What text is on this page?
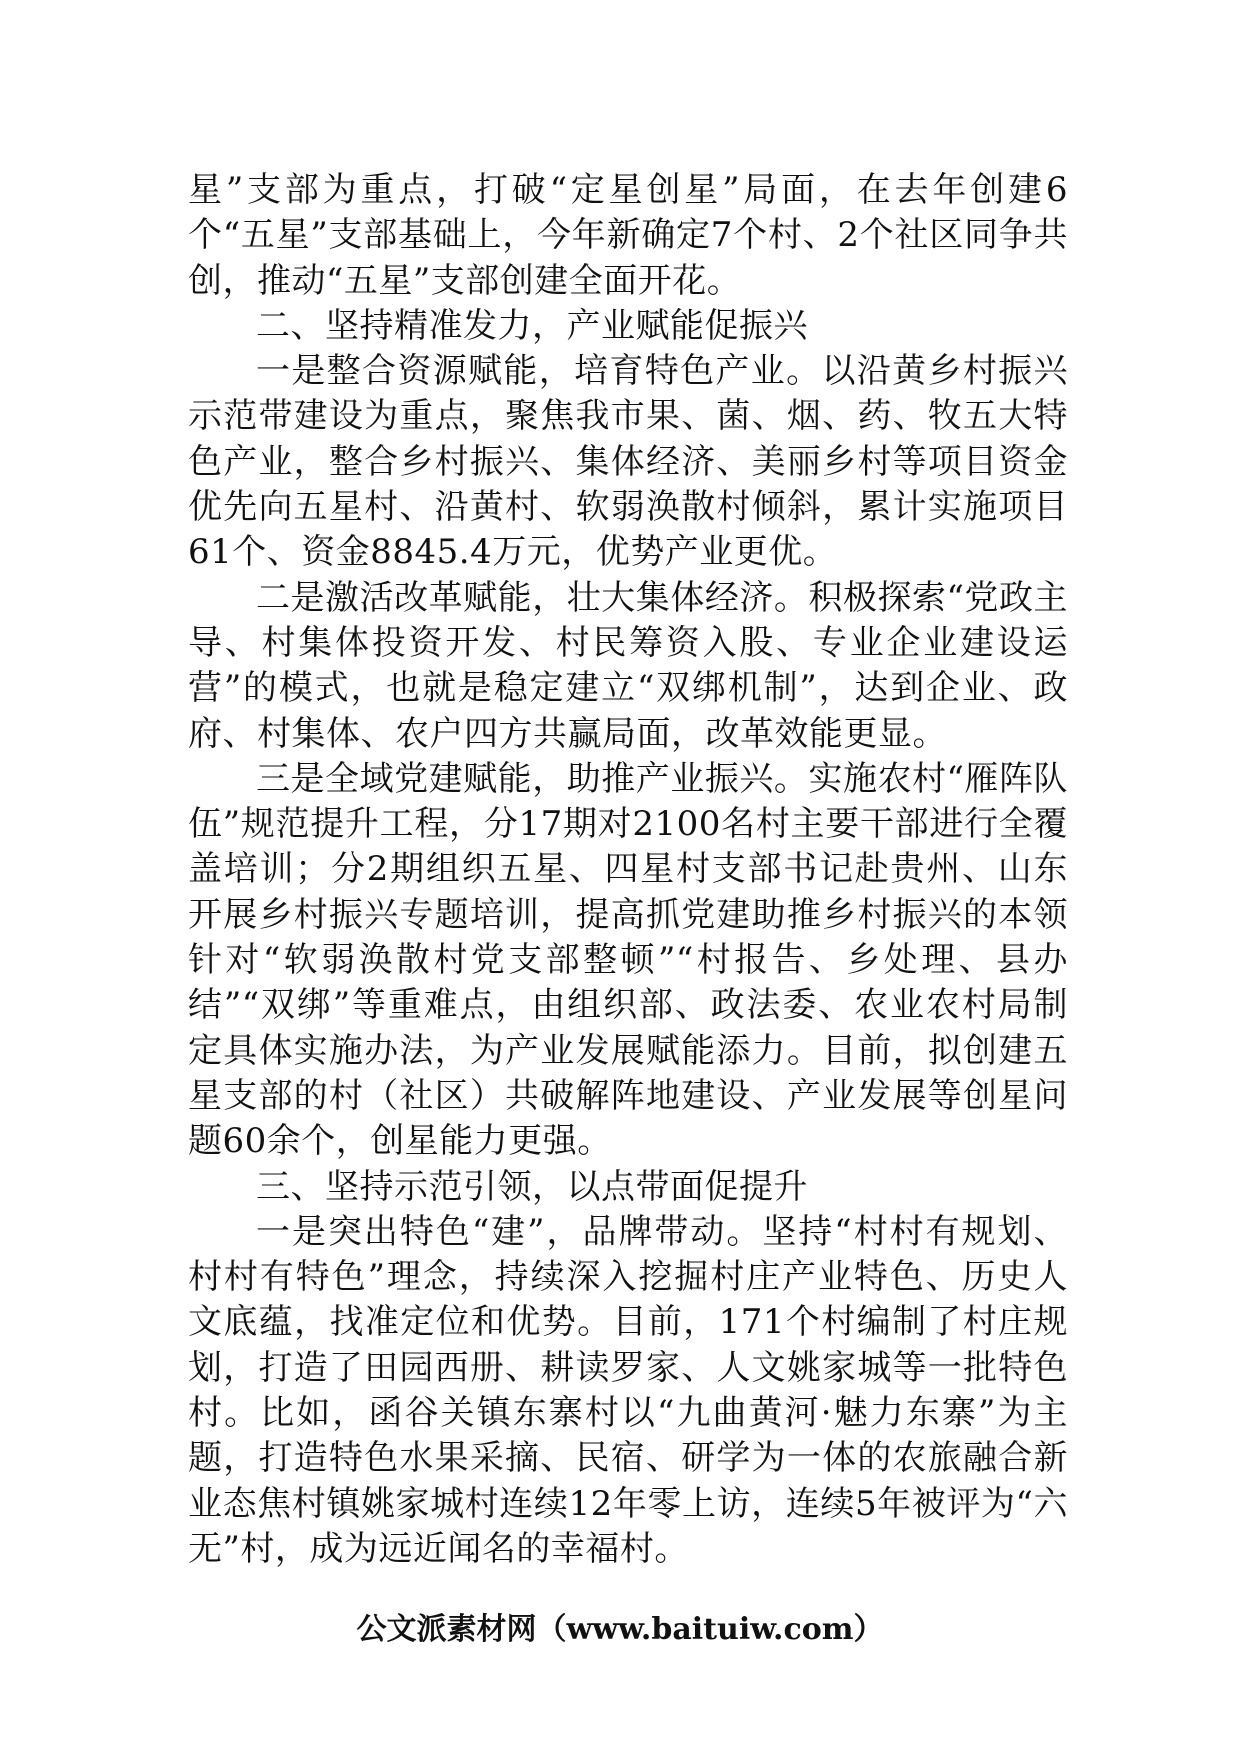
星”支部为重点，打破“定星创星”局面，在去年创建6个“五星”支部基础上，今年新确定7个村、2个社区同争共创，推动“五星”支部创建全面开花。

二、坚持精准发力，产业赋能促振兴

一是整合资源赋能，培育特色产业。以沿黄乡村振兴示范带建设为重点，聚焦我市果、菌、烟、药、牧五大特色产业，整合乡村振兴、集体经济、美丽乡村等项目资金优先向五星村、沿黄村、软弱涣散村倾斜，累计实施项目61个、资金8845.4万元，优势产业更优。

二是激活改革赋能，壮大集体经济。积极探索“党政主导、村集体投资开发、村民筹资入股、专业企业建设运营”的模式，也就是稳定建立“双绑机制”，达到企业、政府、村集体、农户四方共赢局面，改革效能更显。

三是全域党建赋能，助推产业振兴。实施农村“雁阵队伍”规范提升工程，分17期对2100名村主要干部进行全覆盖培训；分2期组织五星、四星村支部书记赴贵州、山东开展乡村振兴专题培训，提高抓党建助推乡村振兴的本领针对“软弱涣散村党支部整顿”“村报告、乡处理、县办结”“双绑”等重难点，由组织部、政法委、农业农村局制定具体实施办法，为产业发展赋能添力。目前，拟创建五星支部的村（社区）共破解阵地建设、产业发展等创星问题60余个，创星能力更强。

三、坚持示范引领，以点带面促提升

一是突出特色“建”，品牌带动。坚持“村村有规划、村村有特色”理念，持续深入挖掘村庄产业特色、历史人文底蕴，找准定位和优势。目前，171个村编制了村庄规划，打造了田园西册、耕读罗家、人文姚家城等一批特色村。比如，函谷关镇东寨村以“九曲黄河·魅力东寨”为主题，打造特色水果采摘、民宿、研学为一体的农旅融合新业态焦村镇姚家城村连续12年零上访，连续5年被评为“六无”村，成为远近闻名的幸福村。

公文派素材网（www.baituiw.com）
